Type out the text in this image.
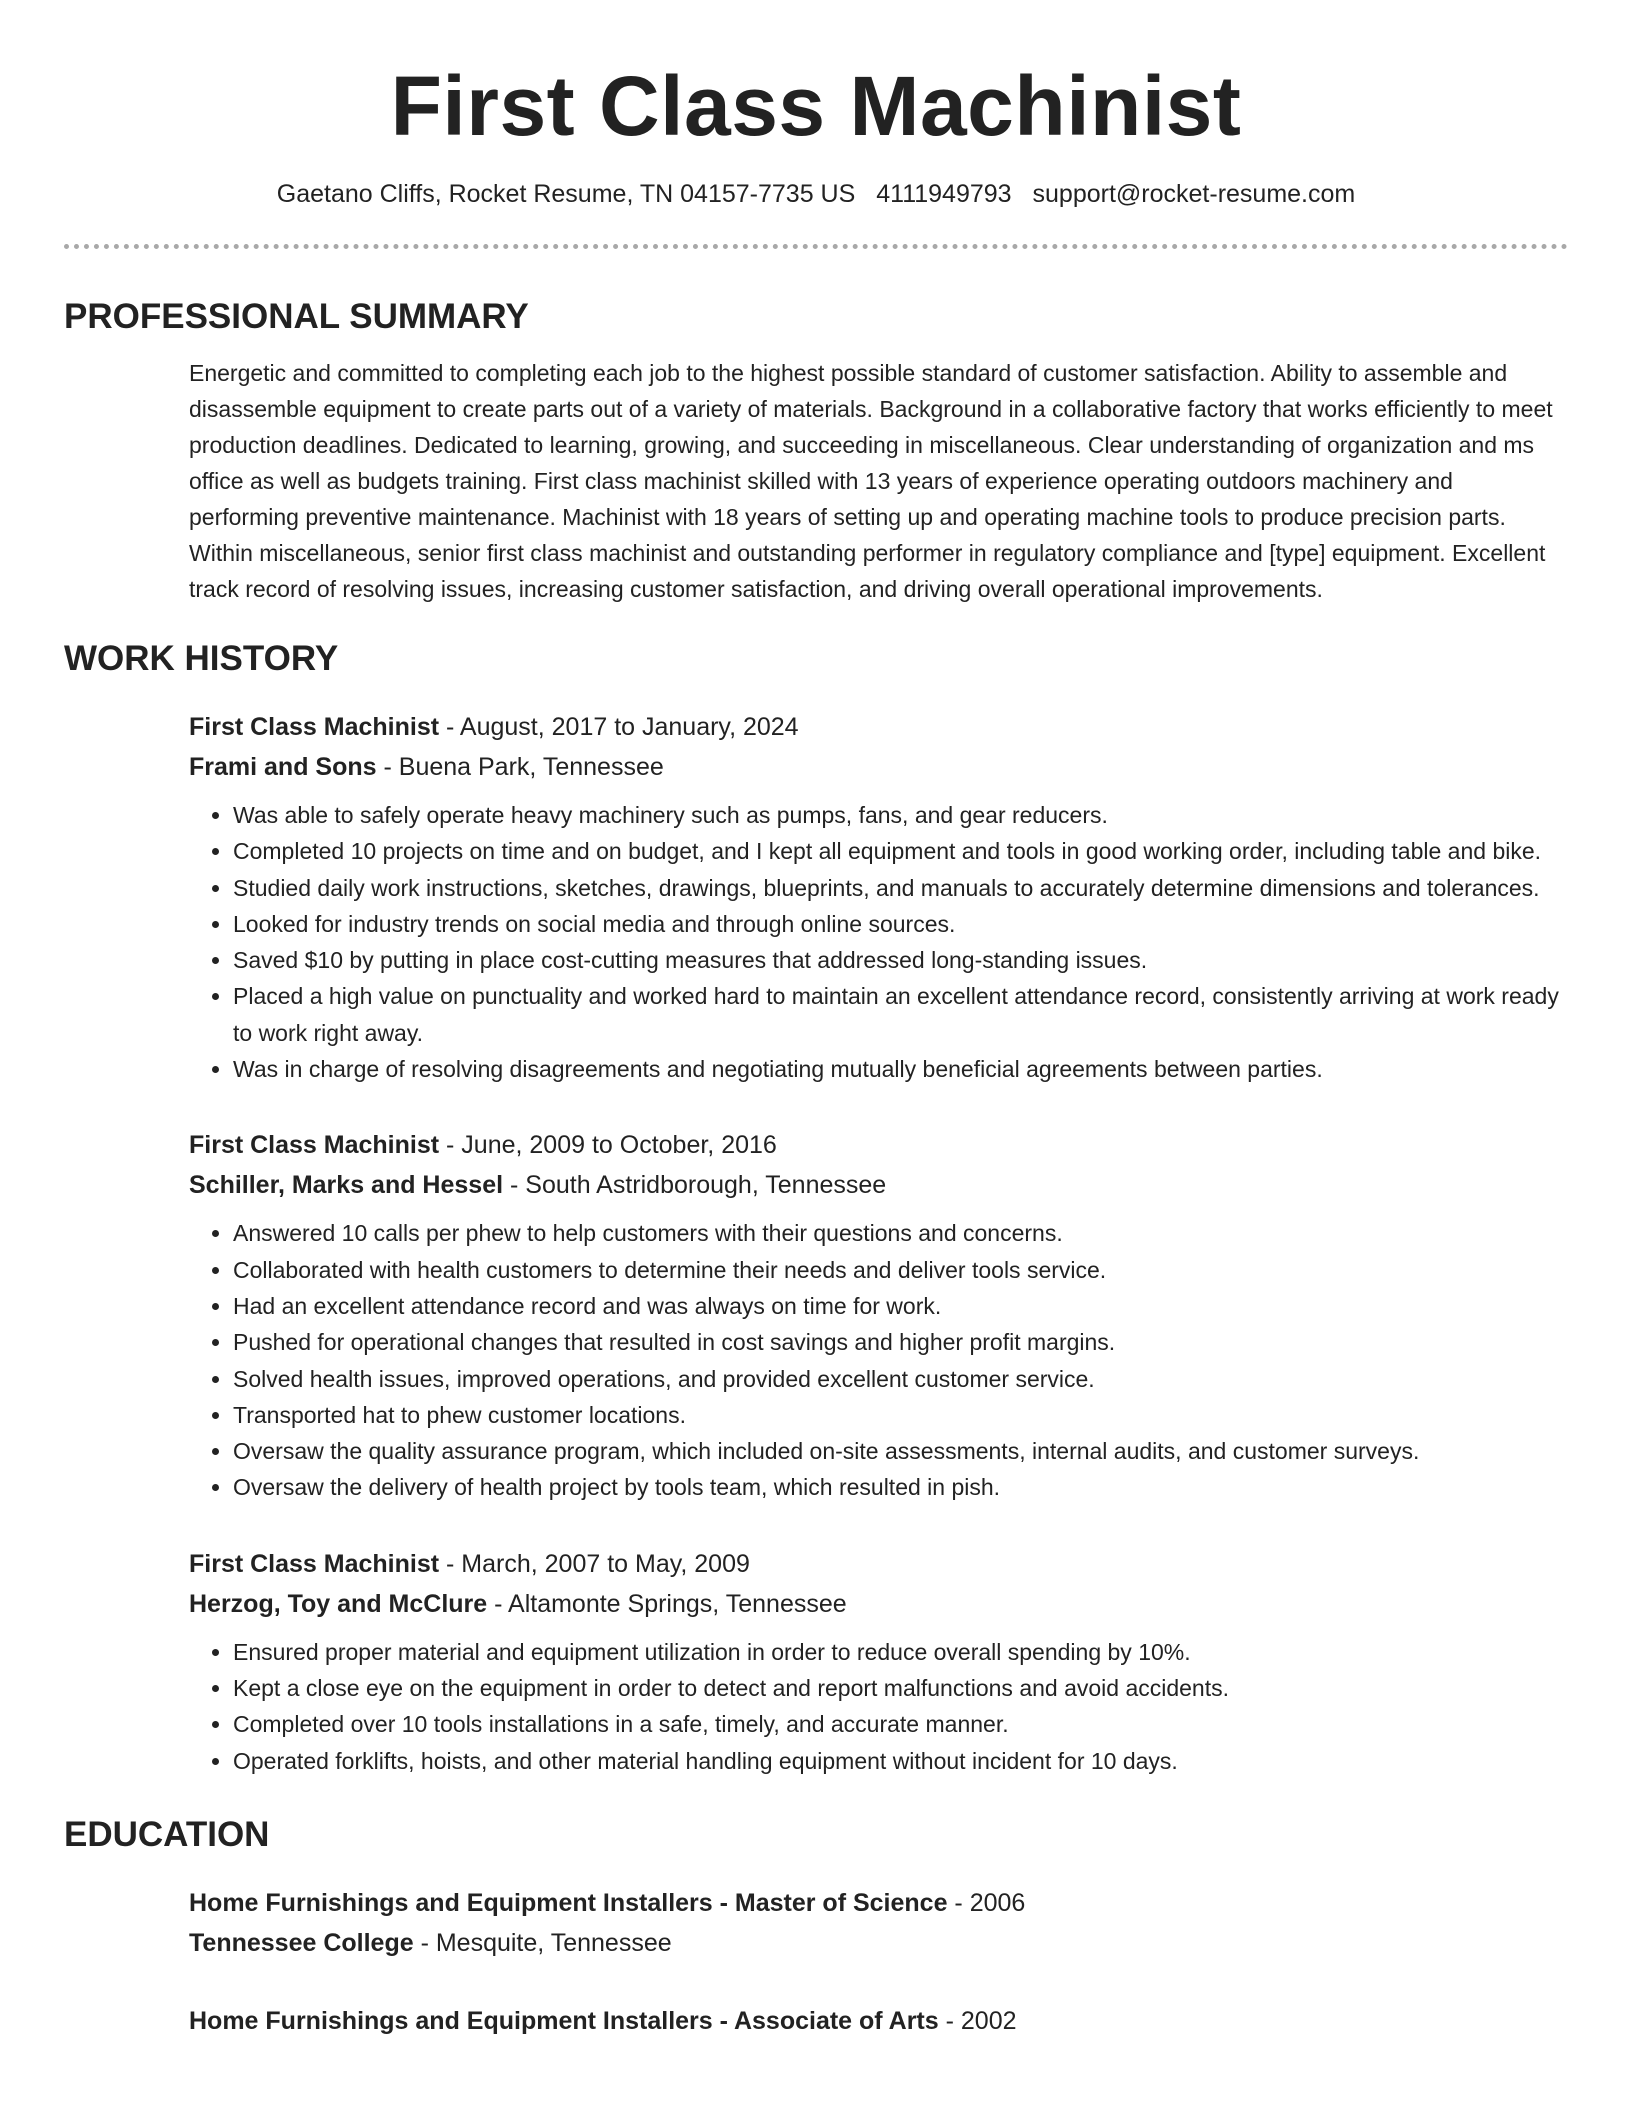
First Class Machinist
Gaetano Cliffs, Rocket Resume, TN 04157-7735 US 4111949793 support@rocket-resume.com
PROFESSIONAL SUMMARY

Energetic and committed to completing each job to the highest possible standard of customer satisfaction. Ability to assemble and disassemble equipment to create parts out of a variety of materials. Background in a collaborative factory that works efficiently to meet production deadlines. Dedicated to learning, growing, and succeeding in miscellaneous. Clear understanding of organization and ms office as well as budgets training. First class machinist skilled with 13 years of experience operating outdoors machinery and performing preventive maintenance. Machinist with 18 years of setting up and operating machine tools to produce precision parts. Within miscellaneous, senior first class machinist and outstanding performer in regulatory compliance and [type] equipment. Excellent track record of resolving issues, increasing customer satisfaction, and driving overall operational improvements.

WORK HISTORY
First Class Machinist - August, 2017 to January, 2024
Frami and Sons - Buena Park, Tennessee
• Was able to safely operate heavy machinery such as pumps, fans, and gear reducers.
• Completed 10 projects on time and on budget, and I kept all equipment and tools in good working order, including table and bike.
• Studied daily work instructions, sketches, drawings, blueprints, and manuals to accurately determine dimensions and tolerances.
• Looked for industry trends on social media and through online sources.
• Saved $10 by putting in place cost-cutting measures that addressed long-standing issues.
• Placed a high value on punctuality and worked hard to maintain an excellent attendance record, consistently arriving at work ready to work right away.
• Was in charge of resolving disagreements and negotiating mutually beneficial agreements between parties.
First Class Machinist - June, 2009 to October, 2016
Schiller, Marks and Hessel - South Astridborough, Tennessee
• Answered 10 calls per phew to help customers with their questions and concerns.
• Collaborated with health customers to determine their needs and deliver tools service.
• Had an excellent attendance record and was always on time for work.
• Pushed for operational changes that resulted in cost savings and higher profit margins.
• Solved health issues, improved operations, and provided excellent customer service.
• Transported hat to phew customer locations.
• Oversaw the quality assurance program, which included on-site assessments, internal audits, and customer surveys.
• Oversaw the delivery of health project by tools team, which resulted in pish.
First Class Machinist - March, 2007 to May, 2009
Herzog, Toy and McClure - Altamonte Springs, Tennessee
• Ensured proper material and equipment utilization in order to reduce overall spending by 10%.
• Kept a close eye on the equipment in order to detect and report malfunctions and avoid accidents.
• Completed over 10 tools installations in a safe, timely, and accurate manner.
• Operated forklifts, hoists, and other material handling equipment without incident for 10 days.
EDUCATION
Home Furnishings and Equipment Installers - Master of Science - 2006
Tennessee College - Mesquite, Tennessee
Home Furnishings and Equipment Installers - Associate of Arts - 2002
